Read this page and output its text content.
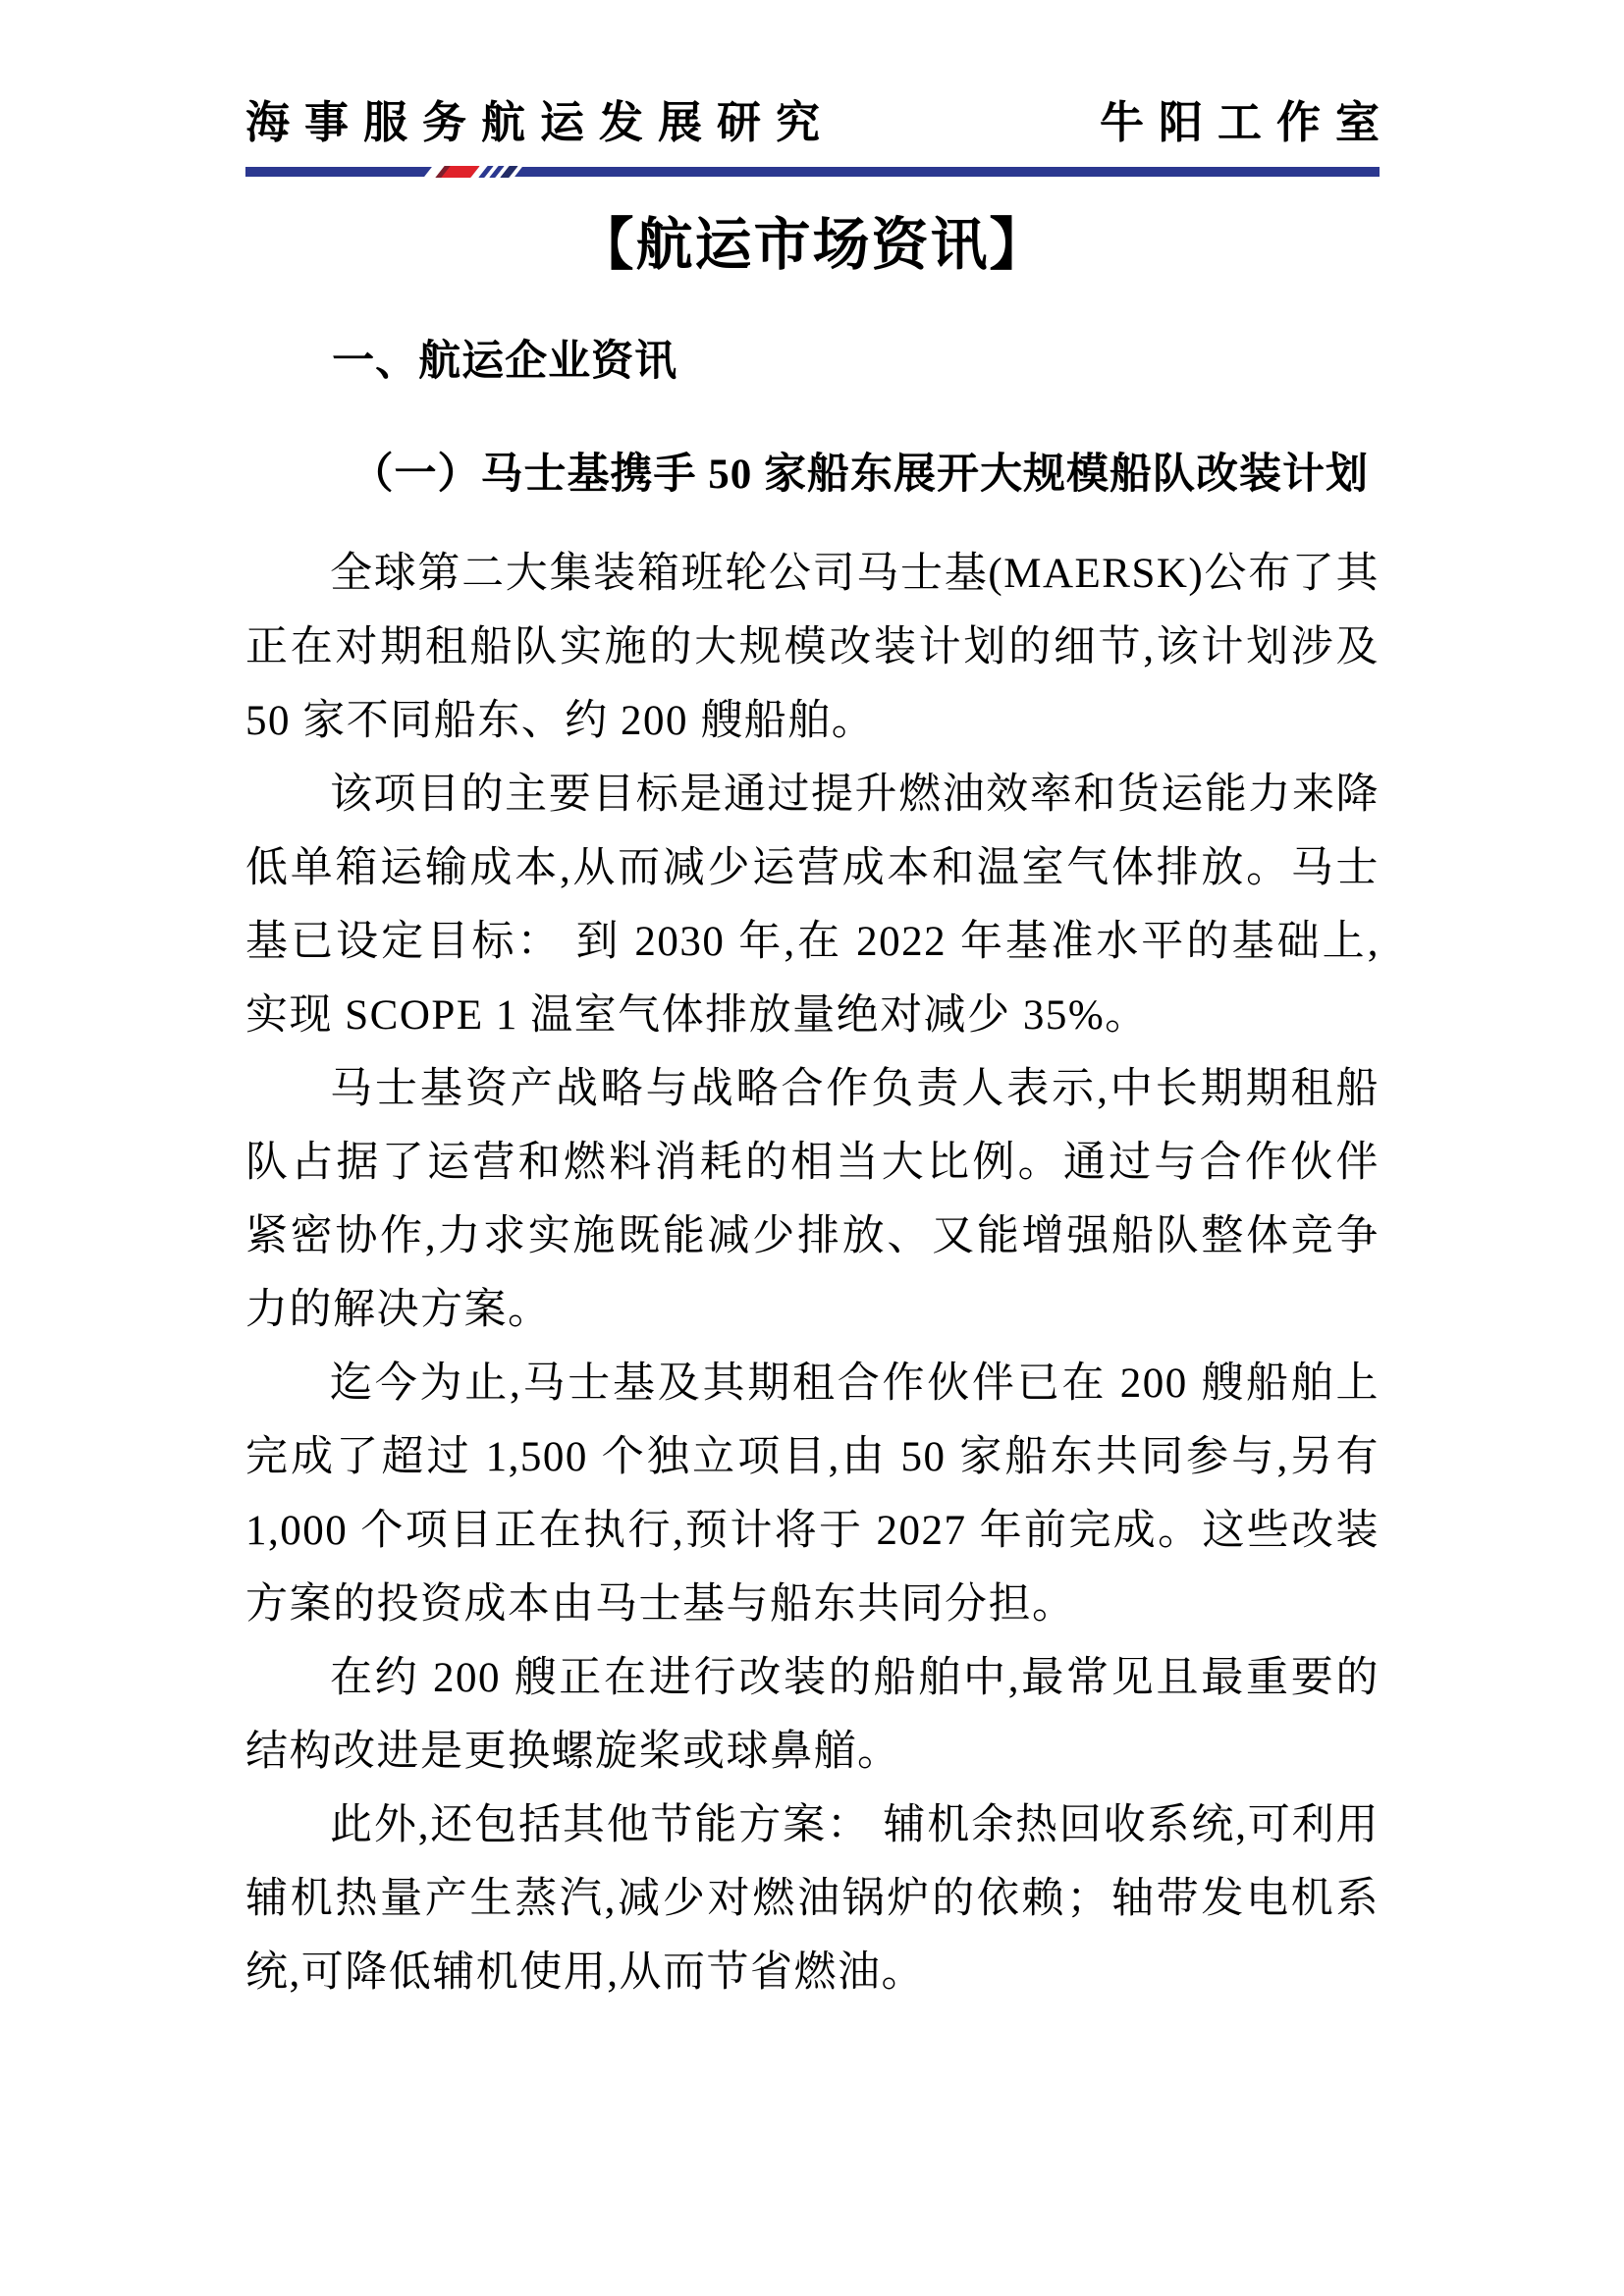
海事服务航运发展研究	牛阳工作室
【航运市场资讯】
一、航运企业资讯
（一）马士基携手 50 家船东展开大规模船队改装计划

全球第二大集装箱班轮公司马士基(MAERSK)公布了其正在对期租船队实施的大规模改装计划的细节,该计划涉及 50 家不同船东、约 200 艘船舶。

该项目的主要目标是通过提升燃油效率和货运能力来降低单箱运输成本,从而减少运营成本和温室气体排放。马士基已设定目标： 到 2030 年,在 2022 年基准水平的基础上,实现 SCOPE 1 温室气体排放量绝对减少 35%。

马士基资产战略与战略合作负责人表示,中长期期租船队占据了运营和燃料消耗的相当大比例。通过与合作伙伴紧密协作,力求实施既能减少排放、又能增强船队整体竞争力的解决方案。

迄今为止,马士基及其期租合作伙伴已在 200 艘船舶上完成了超过 1,500 个独立项目,由 50 家船东共同参与,另有 1,000 个项目正在执行,预计将于 2027 年前完成。这些改装方案的投资成本由马士基与船东共同分担。

在约 200 艘正在进行改装的船舶中,最常见且最重要的结构改进是更换螺旋桨或球鼻艏。

此外,还包括其他节能方案： 辅机余热回收系统,可利用辅机热量产生蒸汽,减少对燃油锅炉的依赖；轴带发电机系统,可降低辅机使用,从而节省燃油。
